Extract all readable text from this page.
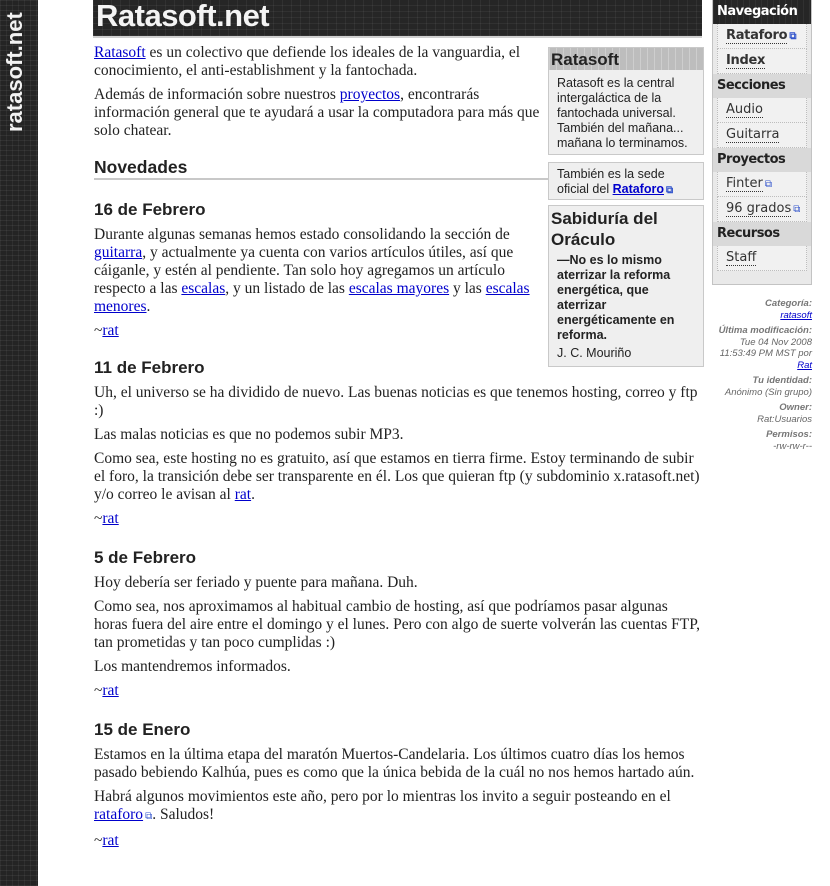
ratasoft.net Ratasoft.net

Ratasoft es un colectivo que defiende los ideales de la vanguardia, el conocimiento, el anti-establishment y la fantochada.

Además de información sobre nuestros proyectos, encontrarás información general que te ayudará a usar la computadora para más que solo chatear.

Novedades
16 de Febrero

Durante algunas semanas hemos estado consolidando la sección de guitarra, y actualmente ya cuenta con varios artículos útiles, así que cáiganle, y estén al pendiente. Tan solo hoy agregamos un artículo respecto a las escalas, y un listado de las escalas mayores y las escalas menores.

~rat

11 de Febrero

Uh, el universo se ha dividido de nuevo. Las buenas noticias es que tenemos hosting, correo y ftp :)

Las malas noticias es que no podemos subir MP3.

Como sea, este hosting no es gratuito, así que estamos en tierra firme. Estoy terminando de subir el foro, la transición debe ser transparente en él. Los que quieran ftp (y subdominio x.ratasoft.net) y/o correo le avisan al rat.

~rat

5 de Febrero

Hoy debería ser feriado y puente para mañana. Duh.

Como sea, nos aproximamos al habitual cambio de hosting, así que podríamos pasar algunas horas fuera del aire entre el domingo y el lunes. Pero con algo de suerte volverán las cuentas FTP, tan prometidas y tan poco cumplidas :)

Los mantendremos informados.

~rat

15 de Enero

Estamos en la última etapa del maratón Muertos-Candelaria. Los últimos cuatro días los hemos pasado bebiendo Kalhúa, pues es como que la única bebida de la cuál no nos hemos hartado aún.

Habrá algunos movimientos este año, pero por lo mientras los invito a seguir posteando en el rataforo ⧉. Saludos!

~rat

Ratasoft
Ratasoft es la central intergaláctica de la fantochada universal. También del mañana... mañana lo terminamos.
También es la sede oficial del Rataforo ⧉
Sabiduría del Oráculo
—No es lo mismo aterrizar la reforma energética, que aterrizar energéticamente en reforma.
J. C. Mouriño
Navegación
Rataforo ⧉
Index
Secciones
Audio
Guitarra
Proyectos
Finter ⧉
96 grados ⧉
Recursos
Staff
Categoría:
ratasoft
Última modificación:
Tue 04 Nov 2008 11:53:49 PM MST por
Rat
Tu identidad:
Anónimo (Sin grupo)
Owner:
Rat:Usuarios
Permisos:
-rw-rw-r--
